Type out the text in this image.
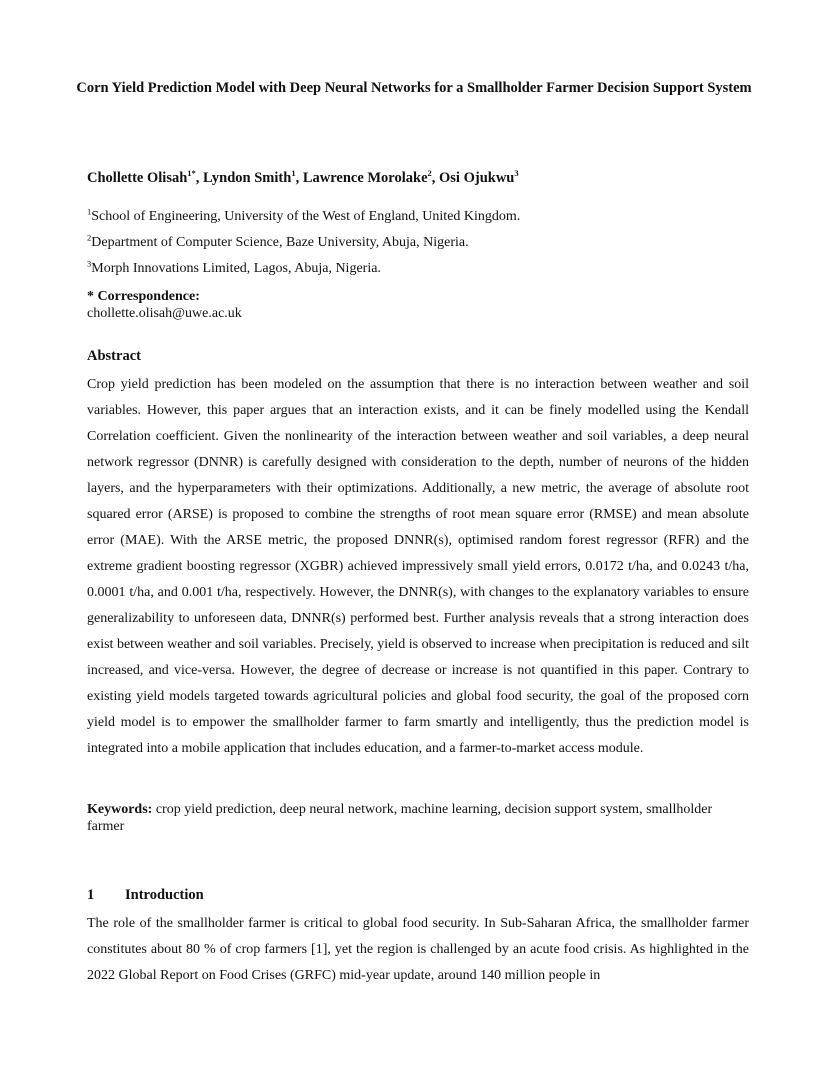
Corn Yield Prediction Model with Deep Neural Networks for a Smallholder Farmer Decision Support System

Chollette Olisah$^{1*}$, Lyndon Smith$^1$, Lawrence Morolake$^2$, Osi Ojukwu$^3$

$^1$School of Engineering, University of the West of England, United Kingdom.
$^2$Department of Computer Science, Baze University, Abuja, Nigeria.
$^3$Morph Innovations Limited, Lagos, Abuja, Nigeria.
* Correspondence:
chollette.olisah@uwe.ac.uk
Abstract

Crop yield prediction has been modeled on the assumption that there is no interaction between weather and soil variables. However, this paper argues that an interaction exists, and it can be finely modelled using the Kendall Correlation coefficient. Given the nonlinearity of the interaction between weather and soil variables, a deep neural network regressor (DNNR) is carefully designed with consideration to the depth, number of neurons of the hidden layers, and the hyperparameters with their optimizations. Additionally, a new metric, the average of absolute root squared error (ARSE) is proposed to combine the strengths of root mean square error (RMSE) and mean absolute error (MAE). With the ARSE metric, the proposed DNNR(s), optimised random forest regressor (RFR) and the extreme gradient boosting regressor (XGBR) achieved impressively small yield errors, 0.0172 t/ha, and 0.0243 t/ha, 0.0001 t/ha, and 0.001 t/ha, respectively. However, the DNNR(s), with changes to the explanatory variables to ensure generalizability to unforeseen data, DNNR(s) performed best. Further analysis reveals that a strong interaction does exist between weather and soil variables. Precisely, yield is observed to increase when precipitation is reduced and silt increased, and vice-versa. However, the degree of decrease or increase is not quantified in this paper. Contrary to existing yield models targeted towards agricultural policies and global food security, the goal of the proposed corn yield model is to empower the smallholder farmer to farm smartly and intelligently, thus the prediction model is integrated into a mobile application that includes education, and a farmer-to-market access module.

Keywords: crop yield prediction, deep neural network, machine learning, decision support system, smallholder farmer

1 Introduction

The role of the smallholder farmer is critical to global food security. In Sub-Saharan Africa, the smallholder farmer constitutes about 80 % of crop farmers [1], yet the region is challenged by an acute food crisis. As highlighted in the 2022 Global Report on Food Crises (GRFC) mid-year update, around 140 million people in
